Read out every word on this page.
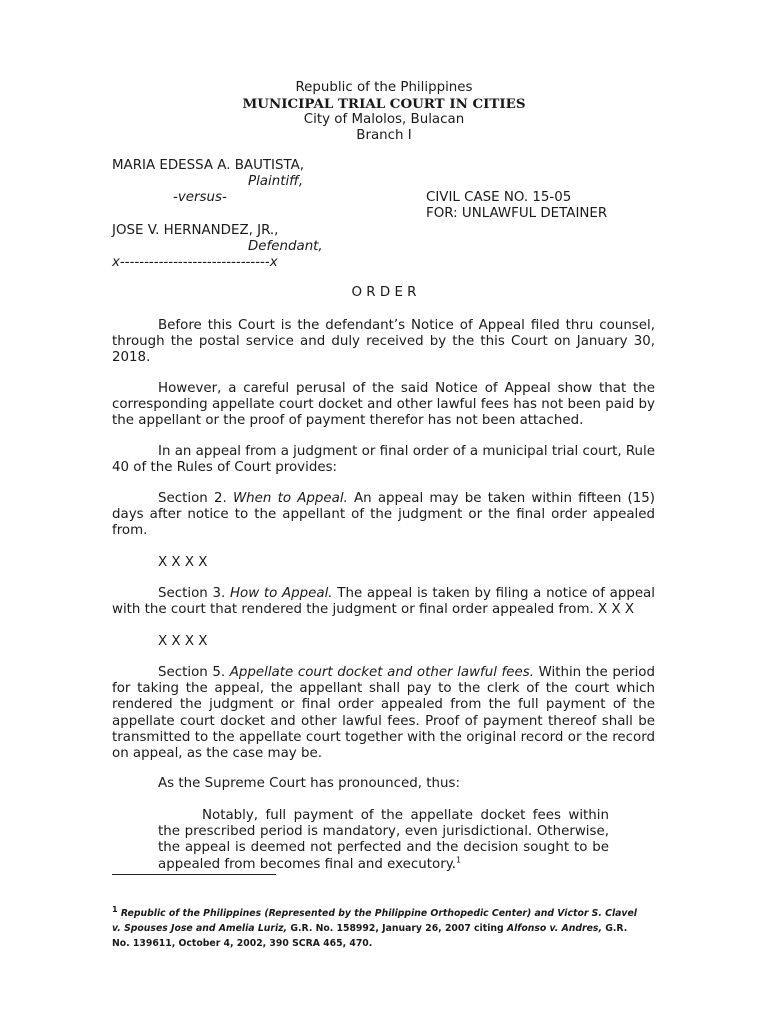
Republic of the Philippines
MUNICIPAL TRIAL COURT IN CITIES
City of Malolos, Bulacan
Branch I
MARIA EDESSA A. BAUTISTA,
Plaintiff,
-versus-	CIVIL CASE NO. 15-05
FOR: UNLAWFUL DETAINER
JOSE V. HERNANDEZ, JR.,
Defendant,
x-------------------------------x
O R D E R
Before this Court is the defendant’s Notice of Appeal filed thru counsel, through the postal service and duly received by the this Court on January 30, 2018.
However, a careful perusal of the said Notice of Appeal show that the corresponding appellate court docket and other lawful fees has not been paid by the appellant or the proof of payment therefor has not been attached.
In an appeal from a judgment or final order of a municipal trial court, Rule 40 of the Rules of Court provides:
Section 2. When to Appeal. An appeal may be taken within fifteen (15) days after notice to the appellant of the judgment or the final order appealed from.
X X X X
Section 3. How to Appeal. The appeal is taken by filing a notice of appeal with the court that rendered the judgment or final order appealed from. X X X
X X X X
Section 5. Appellate court docket and other lawful fees. Within the period for taking the appeal, the appellant shall pay to the clerk of the court which rendered the judgment or final order appealed from the full payment of the appellate court docket and other lawful fees. Proof of payment thereof shall be transmitted to the appellate court together with the original record or the record on appeal, as the case may be.
As the Supreme Court has pronounced, thus:
Notably, full payment of the appellate docket fees within the prescribed period is mandatory, even jurisdictional. Otherwise, the appeal is deemed not perfected and the decision sought to be appealed from becomes final and executory.$^1$
$^1$ Republic of the Philippines (Represented by the Philippine Orthopedic Center) and Victor S. Clavel v. Spouses Jose and Amelia Luriz, G.R. No. 158992, January 26, 2007 citing Alfonso v. Andres, G.R. No. 139611, October 4, 2002, 390 SCRA 465, 470.
